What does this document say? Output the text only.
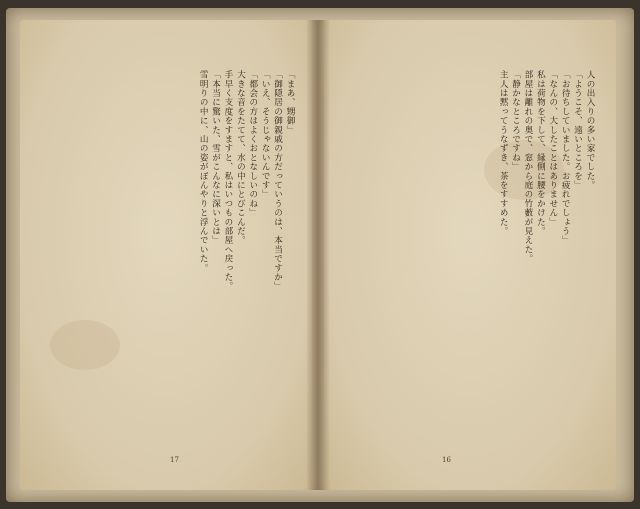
「まあ、甥御」

「御隠居の御親戚の方だっていうのは、本当ですか」

「いえ、そうじゃないんです」

「都会の方はよくおとなしいのね」

大きな音をたてて、水の中にとびこんだ。

手早く支度をすますと、私はいつもの部屋へ戻った。

「本当に驚いた、雪がこんなに深いとは」

雪明りの中に、山の姿がぼんやりと浮んでいた。

17

人の出入りの多い家でした。

「ようこそ、遠いところを」

「お待ちしていました。お疲れでしょう」

「なんの、大したことはありません」

私は荷物を下して、縁側に腰をかけた。

部屋は離れの奥で、窓から庭の竹藪が見えた。

「静かなところですね」

主人は黙ってうなずき、茶をすすめた。

16
